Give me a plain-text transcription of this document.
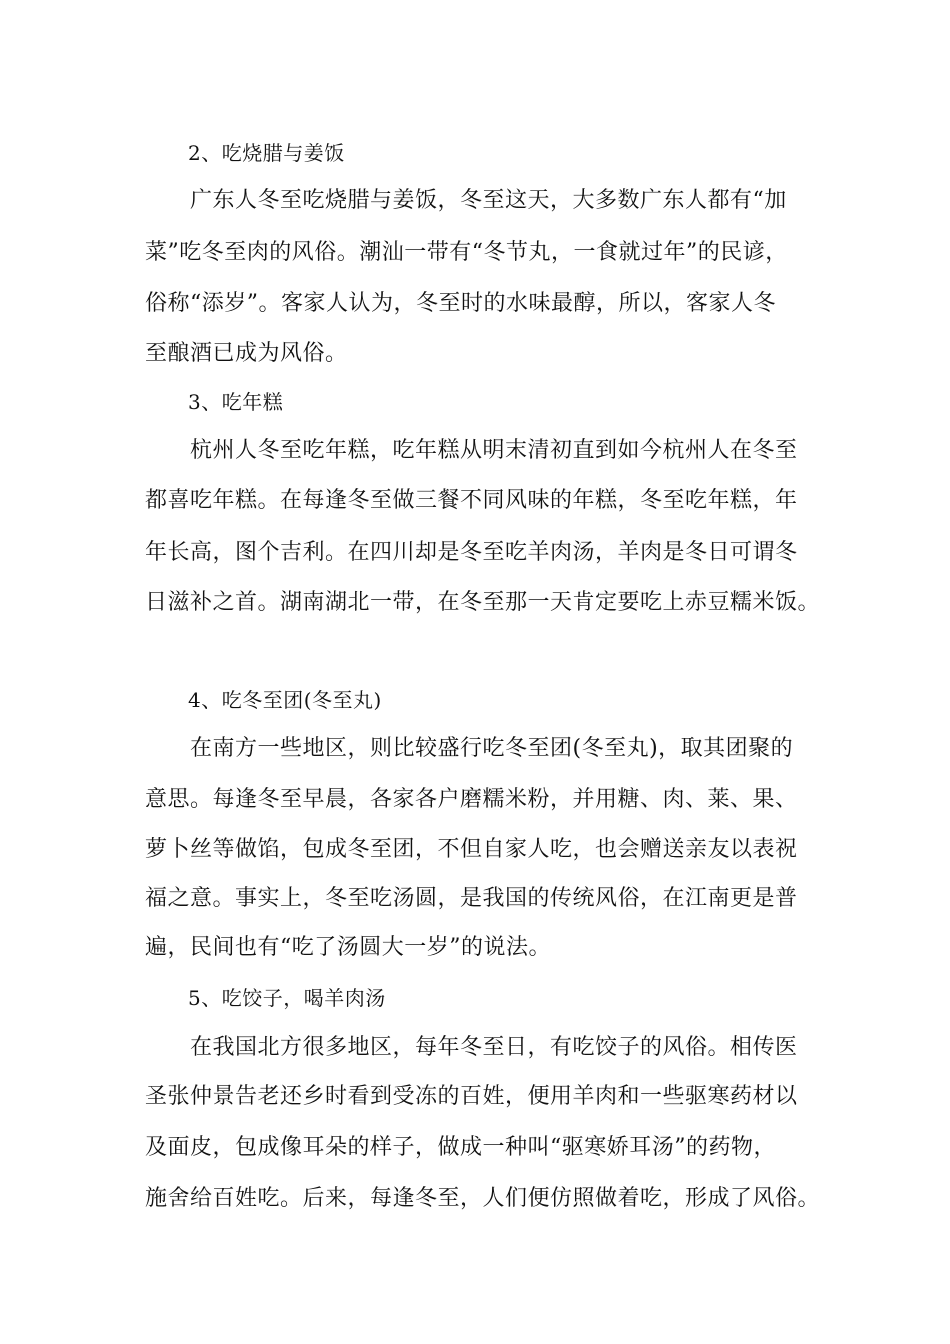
2、吃烧腊与姜饭
广东人冬至吃烧腊与姜饭，冬至这天，大多数广东人都有“加
菜”吃冬至肉的风俗。潮汕一带有“冬节丸，一食就过年”的民谚，
俗称“添岁”。客家人认为，冬至时的水味最醇，所以，客家人冬
至酿酒已成为风俗。
3、吃年糕
杭州人冬至吃年糕，吃年糕从明末清初直到如今杭州人在冬至
都喜吃年糕。在每逢冬至做三餐不同风味的年糕，冬至吃年糕，年
年长高，图个吉利。在四川却是冬至吃羊肉汤，羊肉是冬日可谓冬
日滋补之首。湖南湖北一带，在冬至那一天肯定要吃上赤豆糯米饭。
4、吃冬至团(冬至丸)
在南方一些地区，则比较盛行吃冬至团(冬至丸)，取其团聚的
意思。每逢冬至早晨，各家各户磨糯米粉，并用糖、肉、莱、果、
萝卜丝等做馅，包成冬至团，不但自家人吃，也会赠送亲友以表祝
福之意。事实上，冬至吃汤圆，是我国的传统风俗，在江南更是普
遍，民间也有“吃了汤圆大一岁”的说法。
5、吃饺子，喝羊肉汤
在我国北方很多地区，每年冬至日，有吃饺子的风俗。相传医
圣张仲景告老还乡时看到受冻的百姓，便用羊肉和一些驱寒药材以
及面皮，包成像耳朵的样子，做成一种叫“驱寒娇耳汤”的药物，
施舍给百姓吃。后来，每逢冬至，人们便仿照做着吃，形成了风俗。
